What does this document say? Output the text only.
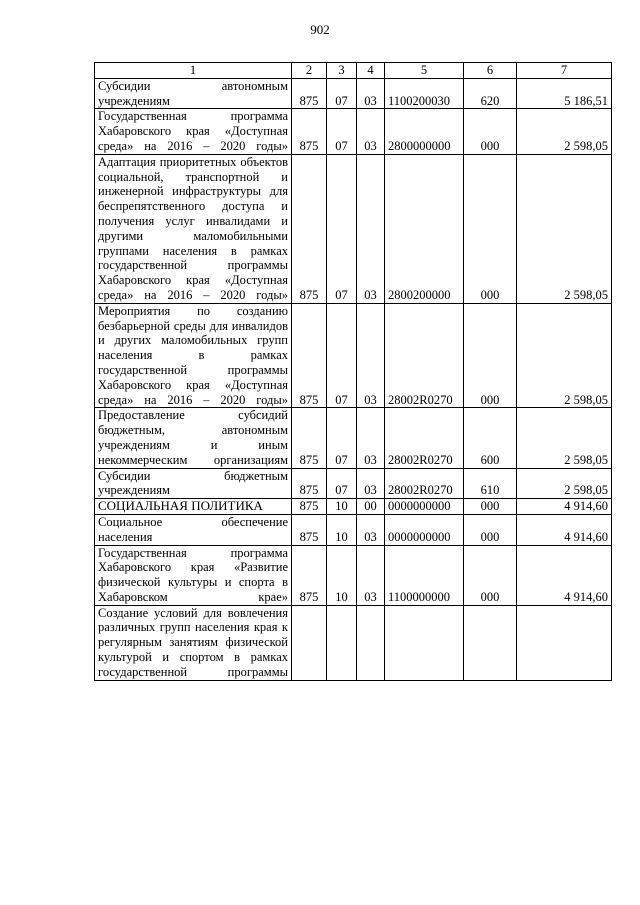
902
1	2	3	4	5	6	7
Субсидии автономным учреждениям	875	07	03	1100200030	620	5 186,51
Государственная программа Хабаровского края «Доступная среда» на 2016 – 2020 годы»	875	07	03	2800000000	000	2 598,05
Адаптация приоритетных объектов социальной, транспортной и инженерной инфраструктуры для беспрепятственного доступа и получения услуг инвалидами и другими маломобильными группами населения в рамках государственной программы Хабаровского края «Доступная среда» на 2016 – 2020 годы»	875	07	03	2800200000	000	2 598,05
Мероприятия по созданию безбарьерной среды для инвалидов и других маломобильных групп населения в рамках государственной программы Хабаровского края «Доступная среда» на 2016 – 2020 годы»	875	07	03	28002R0270	000	2 598,05
Предоставление субсидий бюджетным, автономным учреждениям и иным некоммерческим организациям	875	07	03	28002R0270	600	2 598,05
Субсидии бюджетным учреждениям	875	07	03	28002R0270	610	2 598,05
СОЦИАЛЬНАЯ ПОЛИТИКА	875	10	00	0000000000	000	4 914,60
Социальное обеспечение населения	875	10	03	0000000000	000	4 914,60
Государственная программа Хабаровского края «Развитие физической культуры и спорта в Хабаровском крае»	875	10	03	1100000000	000	4 914,60
Создание условий для вовлечения различных групп населения края к регулярным занятиям физической культурой и спортом в рамках государственной программы						
